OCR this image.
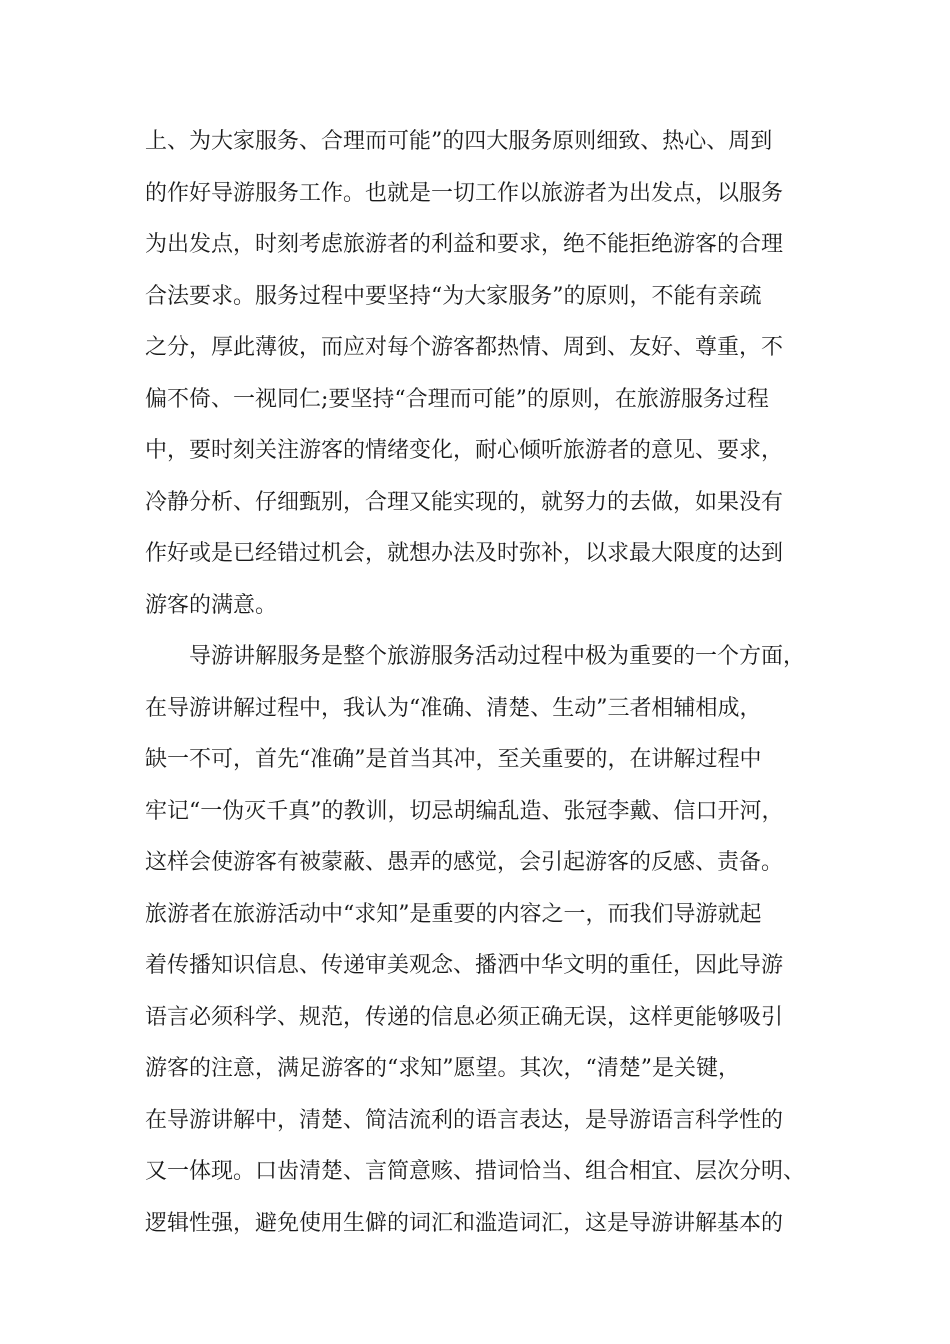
上、为大家服务、合理而可能”的四大服务原则细致、热心、周到
的作好导游服务工作。也就是一切工作以旅游者为出发点，以服务
为出发点，时刻考虑旅游者的利益和要求，绝不能拒绝游客的合理
合法要求。服务过程中要坚持“为大家服务”的原则，不能有亲疏
之分，厚此薄彼，而应对每个游客都热情、周到、友好、尊重，不
偏不倚、一视同仁;要坚持“合理而可能”的原则，在旅游服务过程
中，要时刻关注游客的情绪变化，耐心倾听旅游者的意见、要求，
冷静分析、仔细甄别，合理又能实现的，就努力的去做，如果没有
作好或是已经错过机会，就想办法及时弥补，以求最大限度的达到
游客的满意。
导游讲解服务是整个旅游服务活动过程中极为重要的一个方面，
在导游讲解过程中，我认为“准确、清楚、生动”三者相辅相成，
缺一不可，首先“准确”是首当其冲，至关重要的，在讲解过程中
牢记“一伪灭千真”的教训，切忌胡编乱造、张冠李戴、信口开河，
这样会使游客有被蒙蔽、愚弄的感觉，会引起游客的反感、责备。
旅游者在旅游活动中“求知”是重要的内容之一，而我们导游就起
着传播知识信息、传递审美观念、播洒中华文明的重任，因此导游
语言必须科学、规范，传递的信息必须正确无误，这样更能够吸引
游客的注意，满足游客的“求知”愿望。其次，“清楚”是关键，
在导游讲解中，清楚、简洁流利的语言表达，是导游语言科学性的
又一体现。口齿清楚、言简意赅、措词恰当、组合相宜、层次分明、
逻辑性强，避免使用生僻的词汇和滥造词汇，这是导游讲解基本的
